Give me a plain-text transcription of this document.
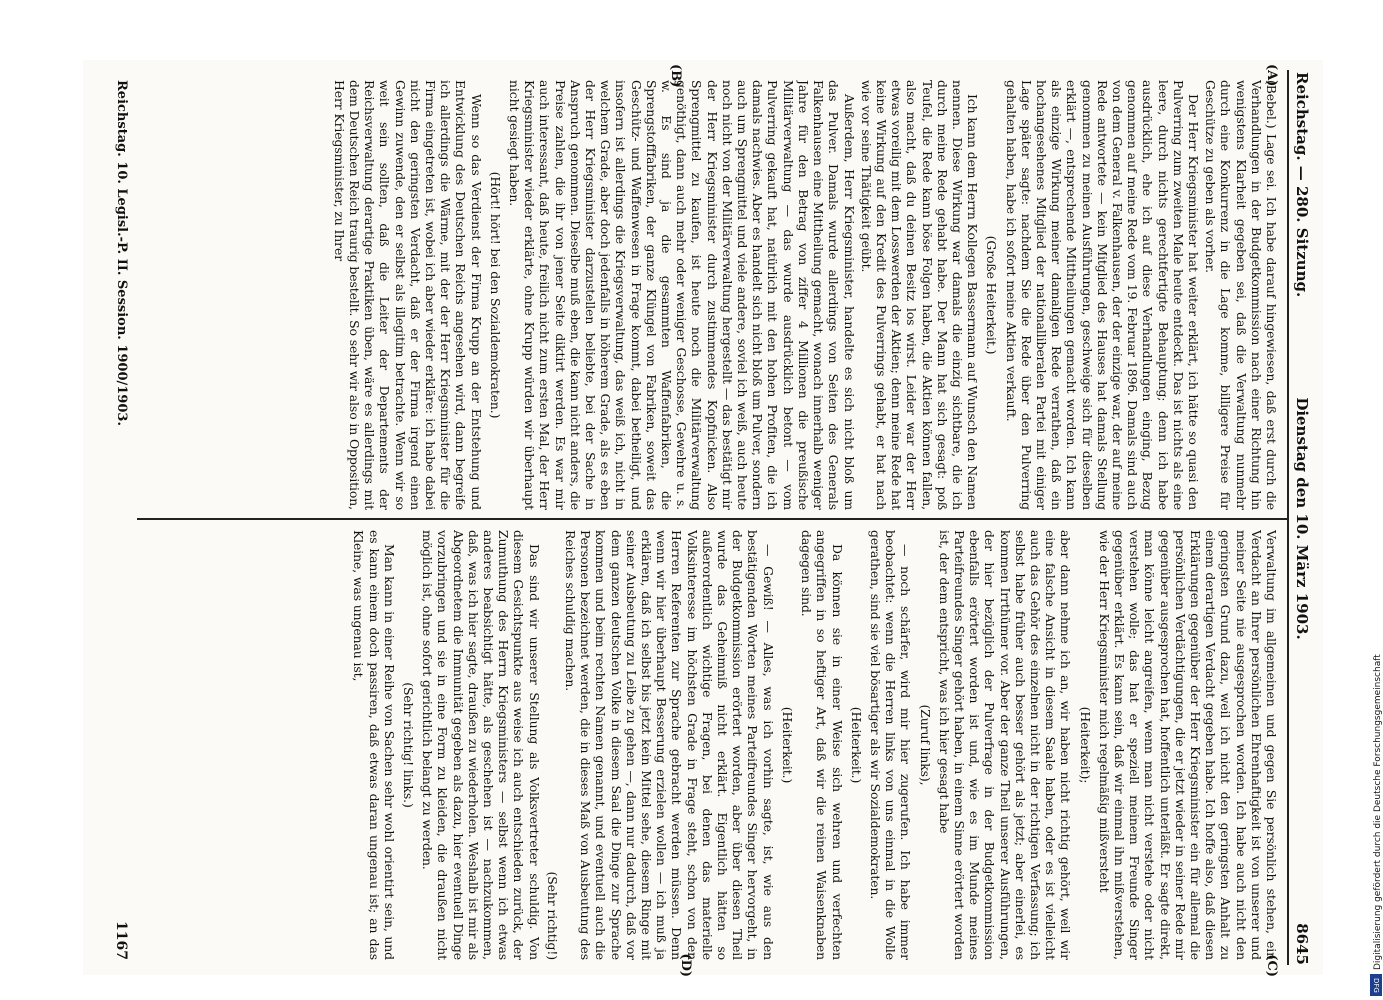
Reichstag. — 280. Sitzung.
Dienstag den 10. März 1903.
8645
(A)
(B)
(C)
(D)

(Bebel.) Lage sei. Ich habe darauf hingewiesen, daß erst durch die Verhandlungen in der Budgetkommission nach einer Richtung hin wenigstens Klarheit gegeben sei, daß die Verwaltung nunmehr durch eine Konkurrenz in die Lage komme, billigere Preise für Geschütze zu geben als vorher.

Der Herr Kriegsminister hat weiter erklärt, ich hätte so quasi den Pulverring zum zweiten Male heute entdeckt. Das ist nichts als eine leere, durch nichts gerechtfertigte Behauptung; denn ich habe ausdrücklich, ehe ich auf diese Verhandlungen einging, Bezug genommen auf meine Rede vom 19. Februar 1896. Damals sind auch von dem General v. Falkenhausen, der der einzige war, der auf meine Rede antwortete — kein Mitglied des Hauses hat damals Stellung genommen zu meinen Ausführungen, geschweige sich für dieselben erklärt —, entsprechende Mittheilungen gemacht worden. Ich kann als einzige Wirkung meiner damaligen Rede verrathen, daß ein hochangesehenes Mitglied der nationalliberalen Partei mit einiger Lage später sagte: nachdem Sie die Rede über den Pulverring gehalten haben, habe ich sofort meine Aktien verkauft.

(Große Heiterkeit.)

Ich kann dem Herrn Kollegen Bassermann auf Wunsch den Namen nennen. Diese Wirkung war damals die einzig sichtbare, die ich durch meine Rede gehabt habe. Der Mann hat sich gesagt: poß Teufel, die Rede kann böse Folgen haben, die Aktien können fallen, also macht, daß du deinen Besitz los wirst. Leider war der Herr etwas voreilig mit dem Losswerden der Aktien; denn meine Rede hat keine Wirkung auf den Kredit des Pulverrings gehabt, er hat nach wie vor seine Thätigkeit geübt.

Außerdem, Herr Kriegsminister, handelte es sich nicht bloß um das Pulver. Damals wurde allerdings von Seiten des Generals Falkenhausen eine Mittheilung gemacht, wonach innerhalb weniger Jahre für den Betrag von ziffer 4 Millionen die preußische Militärverwaltung — das wurde ausdrücklich betont — vom Pulverring gekauft hat, natürlich mit den hohen Profiten, die ich damals nachwies. Aber es handelt sich nicht bloß um Pulver, sondern auch um Sprengmittel und viele andere, soviel ich weiß, auch heute noch nicht von der Militärverwaltung hergestellt — das bestätigt mir der Herr Kriegsminister durch zustimmendes Kopfnicken. Also Sprengmittel zu kaufen, ist heute noch die Militärverwaltung genöthigt, dann auch mehr oder weniger Geschosse, Gewehre u. s. w. Es sind ja die gesammten Waffenfabriken, die Sprengstofffabriken, der ganze Klüngel von Fabriken, soweit das Geschütz- und Waffenwesen in Frage kommt, dabei betheiligt, und insofern ist allerdings die Kriegsverwaltung, das weiß ich, nicht in welchem Grade, aber doch jedenfalls in höherem Grade, als es eben der Herr Kriegsminister darzustellen beliebte, bei der Sache in Anspruch genommen. Dieselbe muß eben, die kann nicht anders, die Preise zahlen, die ihr von jener Seite diktirt werden. Es war mir auch interessant, daß heute, freilich nicht zum ersten Mal, der Herr Kriegsminister wieder erklärte, ohne Krupp würden wir überhaupt nicht gesiegt haben.

(Hört! hört! bei den Sozialdemokraten.)

Wenn so das Verdienst der Firma Krupp an der Entstehung und Entwicklung des Deutschen Reichs angesehen wird, dann begreife ich allerdings die Wärme, mit der der Herr Kriegsminister für die Firma eingetreten ist, wobei ich aber wieder erkläre: ich habe dabei nicht den geringsten Verdacht, daß er der Firma irgend einen Gewinn zuwende, den er selbst als illegitim betrachte. Wenn wir so weit sein sollten, daß die Leiter der Departements der Reichsverwaltung derartige Praktiken üben, wäre es allerdings mit dem Deutschen Reich traurig bestellt. So sehr wir also in Opposition, Herr Kriegsminister, zu Ihrer

Verwaltung im allgemeinen und gegen Sie persönlich stehen, ein Verdacht an Ihrer persönlichen Ehrenhaftigkeit ist von unserer und meiner Seite nie ausgesprochen worden. Ich habe auch nicht den geringsten Grund dazu, weil ich nicht den geringsten Anhalt zu einem derartigen Verdacht gegeben habe. Ich hoffe also, daß diesen Erklärungen gegenüber der Herr Kriegsminister ein für allemal die persönlichen Verdächtigungen, die er jetzt wieder in seiner Rede mir gegenüber ausgesprochen hat, hoffentlich unterläßt. Er sagte direkt, man könne leicht angreifen, wenn man nicht verstehe oder nicht verstehen wolle; das hat er speziell meinem Freunde Singer gegenüber erklärt. Es kann sein, daß wir einmal ihn mißverstehen, wie der Herr Kriegsminister mich regelmäßig mißversteht

(Heiterkeit);

aber dann nehme ich an, wir haben nicht richtig gehört, weil wir eine falsche Ansicht in diesem Saale haben, oder es ist vielleicht auch das Gehör des einzelnen nicht in der richtigen Verfassung; ich selbst habe früher auch besser gehört als jetzt; aber einerlei, es kommen Irrthümer vor. Aber der ganze Theil unserer Ausführungen, der hier bezüglich der Pulverfrage in der Budgetkommission ebenfalls erörtert worden ist und, wie es im Munde meines Parteifreundes Singer gehört haben, in einem Sinne erörtert worden ist, der dem entspricht, was ich hier gesagt habe

(Zuruf links),

— noch schärfer, wird mir hier zugerufen. Ich habe immer beobachtet: wenn die Herren links von uns einmal in die Wolle gerathen, sind sie viel bösartiger als wir Sozialdemokraten.

(Heiterkeit.)

Da können sie in einer Weise sich wehren und verfechten angegriffen in so heftiger Art, daß wir die reinen Waisenknaben dagegen sind.

(Heiterkeit.)

— Gewiß! — Alles, was ich vorhin sagte, ist, wie aus den bestätigenden Worten meines Parteifreundes Singer hervorgeht, in der Budgetkommission erörtert worden, aber über diesen Theil wurde das Geheimniß nicht erklärt. Eigentlich hätten so außerordentlich wichtige Fragen, bei denen das materielle Volksinteresse im höchsten Grade in Frage steht, schon von den Herren Referenten zur Sprache gebracht werden müssen. Denn wenn wir hier überhaupt Besserung erzielen wollen — ich muß ja erklären, daß ich selbst bis jetzt kein Mittel sehe, diesem Ringe mit seiner Ausbeutung zu Leibe zu gehen —, dann nur dadurch, daß vor dem ganzen deutschen Volke in diesem Saal die Dinge zur Sprache kommen und beim rechten Namen genannt, und eventuell auch die Personen bezeichnet werden, die in dieses Maß von Ausbeutung des Reiches schuldig machen.

(Sehr richtig!)

Das sind wir unserer Stellung als Volksvertreter schuldig. Von diesem Gesichtspunkte aus weise ich auch entschieden zurück, der Zumuthung des Herrn Kriegsministers — selbst wenn ich etwas anderes beabsichtigt hätte, als geschehen ist — nachzukommen, daß, was ich hier sagte, draußen zu wiederholen. Weshalb ist mir als Abgeordnetem die Immunität gegeben als dazu, hier eventuell Dinge vorzubringen und sie in eine Form zu kleiden, die draußen nicht möglich ist, ohne sofort gerichtlich belangt zu werden.

(Sehr richtig! links.)

Man kann in einer Reihe von Sachen sehr wohl orientirt sein, und es kann einem doch passiren, daß etwas daran ungenau ist; an das Kleine, was ungenau ist,

Reichstag. 10. Legisl.-P. II. Session. 1900/1903.
1167	Digitalisierung gefördert durch die Deutsche Forschungsgemeinschaft
DFG
